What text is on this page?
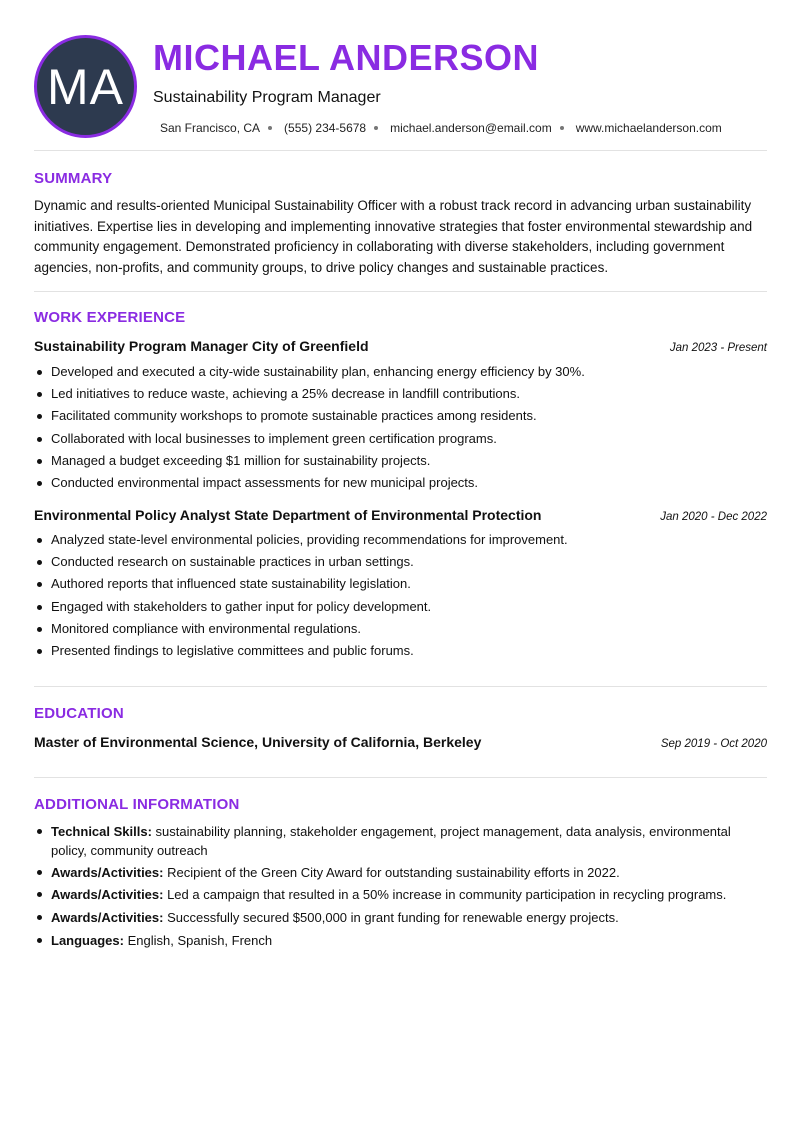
MA
MICHAEL ANDERSON
Sustainability Program Manager
San Francisco, CA (555) 234-5678 michael.anderson@email.com www.michaelanderson.com
SUMMARY
Dynamic and results-oriented Municipal Sustainability Officer with a robust track record in advancing urban sustainability initiatives. Expertise lies in developing and implementing innovative strategies that foster environmental stewardship and community engagement. Demonstrated proficiency in collaborating with diverse stakeholders, including government agencies, non-profits, and community groups, to drive policy changes and sustainable practices.
WORK EXPERIENCE
Sustainability Program Manager City of Greenfield	Jan 2023 - Present
Developed and executed a city-wide sustainability plan, enhancing energy efficiency by 30%.
Led initiatives to reduce waste, achieving a 25% decrease in landfill contributions.
Facilitated community workshops to promote sustainable practices among residents.
Collaborated with local businesses to implement green certification programs.
Managed a budget exceeding $1 million for sustainability projects.
Conducted environmental impact assessments for new municipal projects.
Environmental Policy Analyst State Department of Environmental Protection	Jan 2020 - Dec 2022
Analyzed state-level environmental policies, providing recommendations for improvement.
Conducted research on sustainable practices in urban settings.
Authored reports that influenced state sustainability legislation.
Engaged with stakeholders to gather input for policy development.
Monitored compliance with environmental regulations.
Presented findings to legislative committees and public forums.
EDUCATION
Master of Environmental Science, University of California, Berkeley	Sep 2019 - Oct 2020
ADDITIONAL INFORMATION
Technical Skills: sustainability planning, stakeholder engagement, project management, data analysis, environmental policy, community outreach
Awards/Activities: Recipient of the Green City Award for outstanding sustainability efforts in 2022.
Awards/Activities: Led a campaign that resulted in a 50% increase in community participation in recycling programs.
Awards/Activities: Successfully secured $500,000 in grant funding for renewable energy projects.
Languages: English, Spanish, French
